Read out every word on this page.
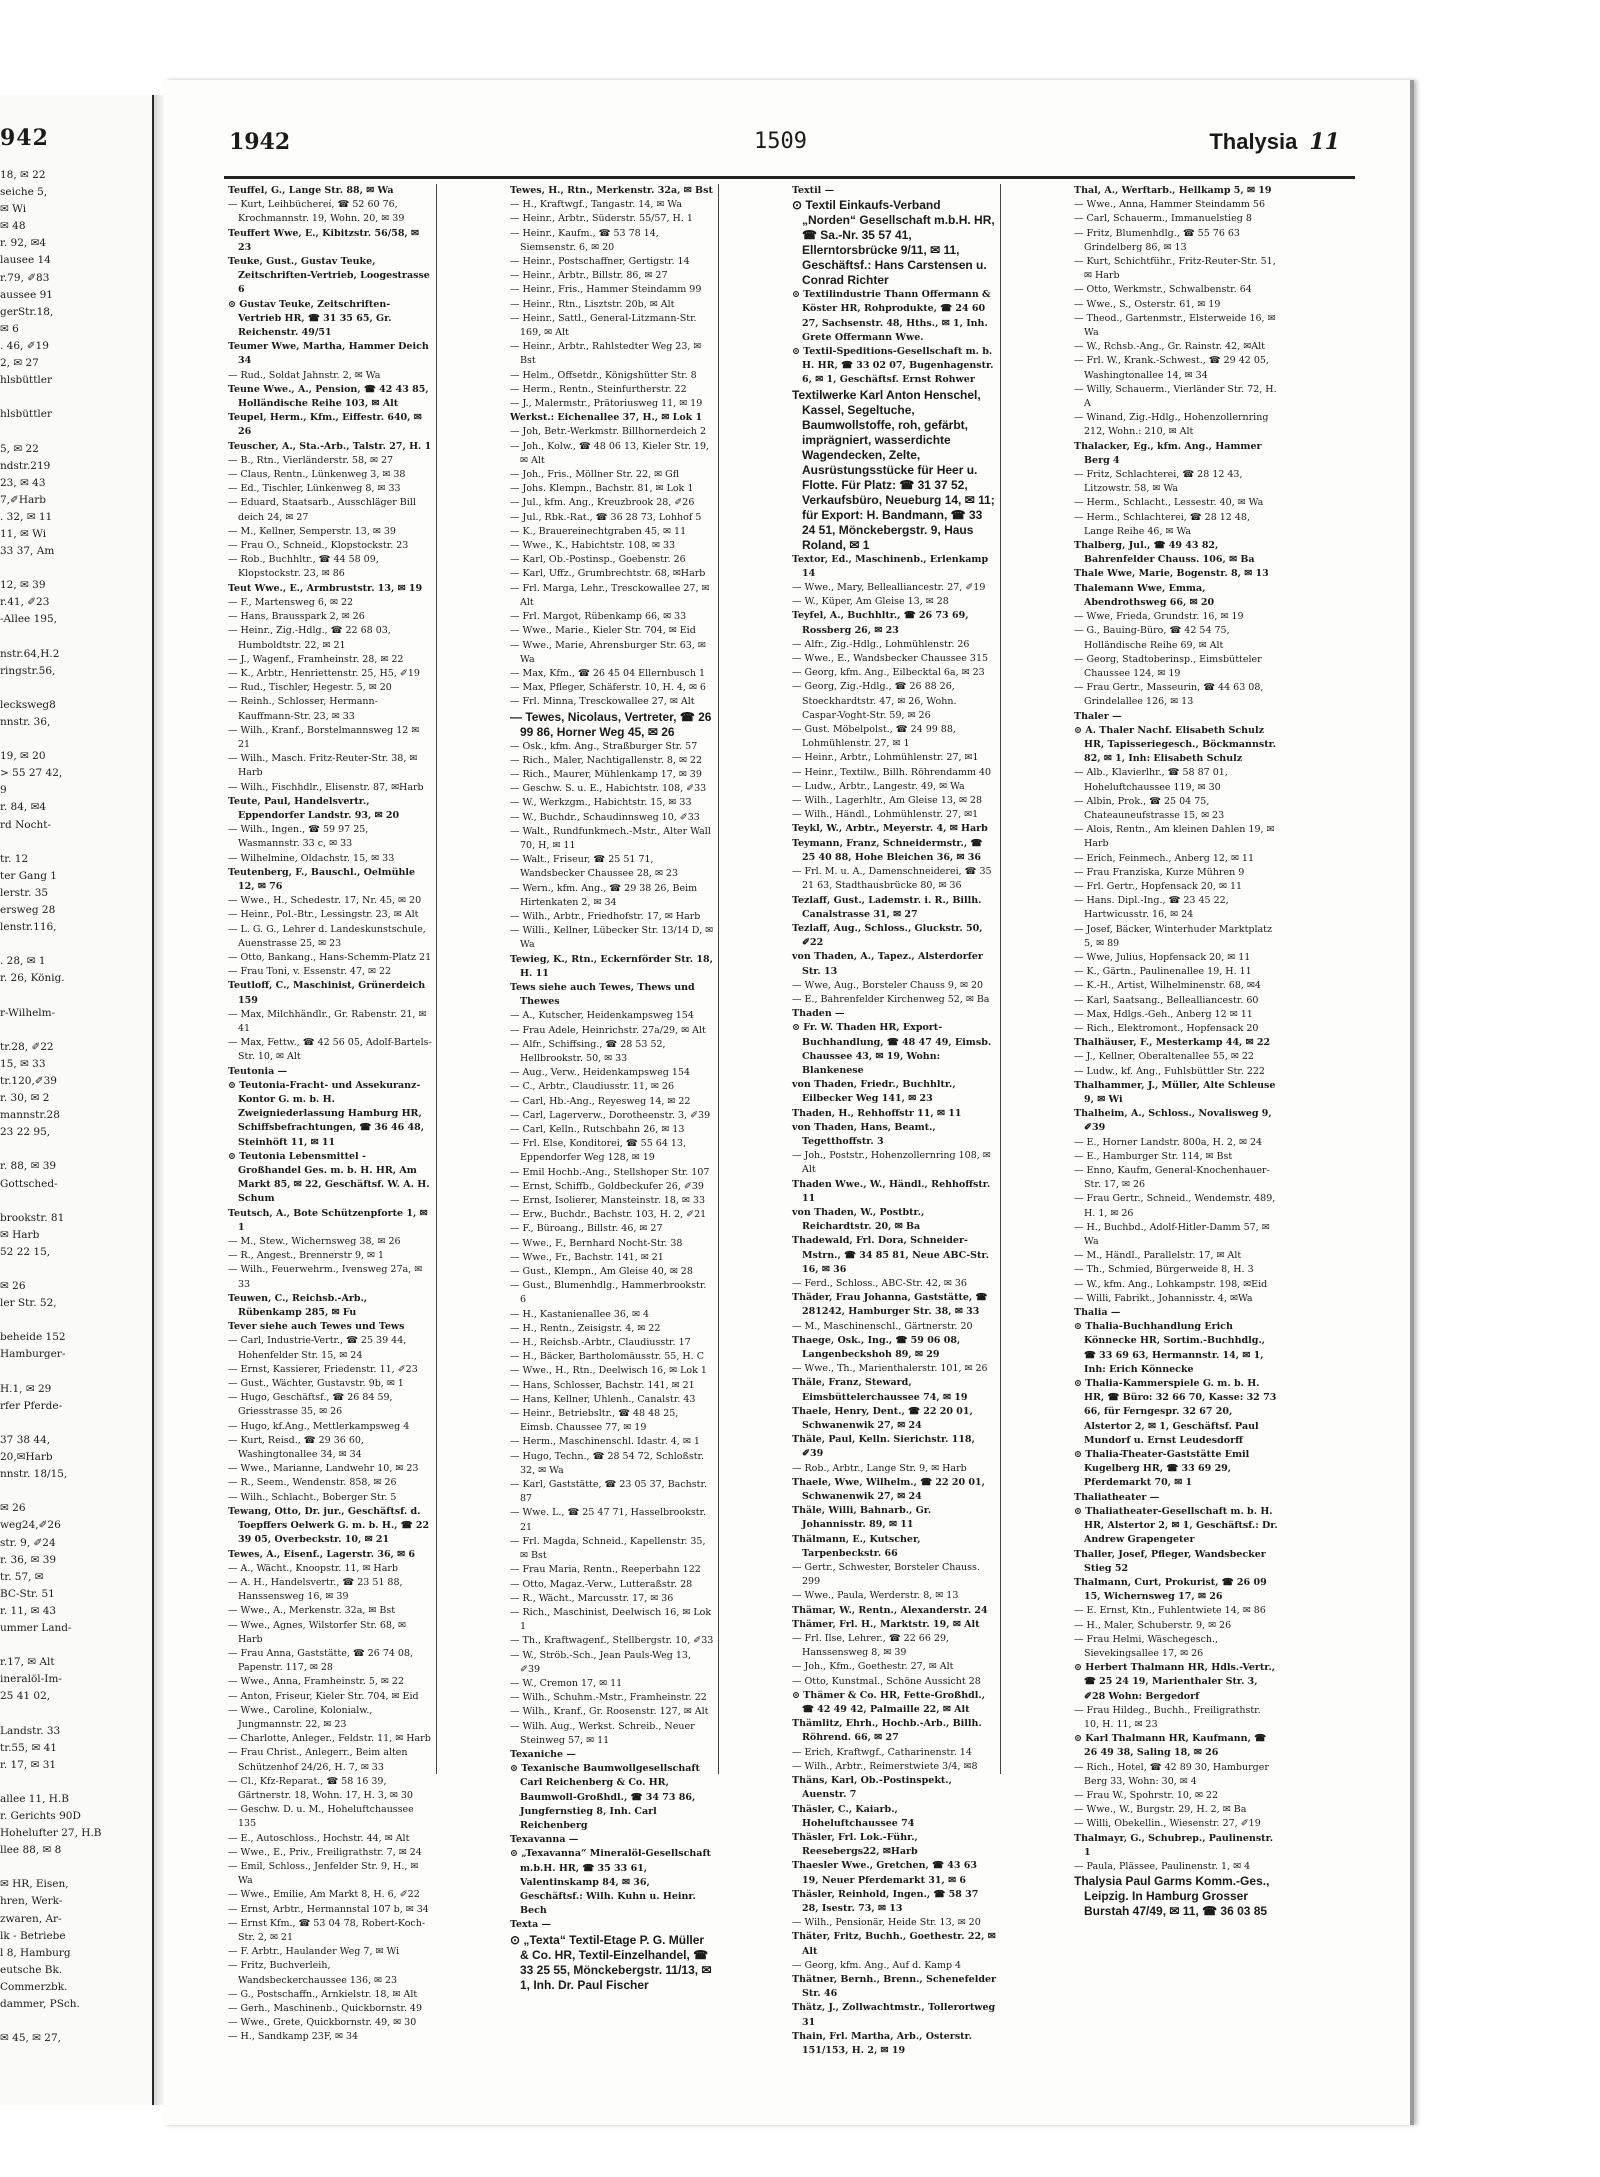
942
18, ✉ 22
seiche 5,
✉ Wi
✉ 48
r. 92, ✉4
lausee 14
r.79, ✐83
aussee 91
gerStr.18,
✉ 6
. 46, ✐19
2, ✉ 27
hlsbüttler

hlsbüttler

5, ✉ 22
ndstr.219
23, ✉ 43
7,✐Harb
. 32, ✉ 11
11, ✉ Wi
33 37, Am

12, ✉ 39
r.41, ✐23
-Allee 195,

nstr.64,H.2
ringstr.56,

lecksweg8
nnstr. 36,

19, ✉ 20
> 55 27 42,
9
r. 84, ✉4
rd Nocht-

tr. 12
ter Gang 1
lerstr. 35
ersweg 28
lenstr.116,

. 28, ✉ 1
r. 26, König.

r-Wilhelm-

tr.28, ✐22
15, ✉ 33
tr.120,✐39
r. 30, ✉ 2
mannstr.28
23 22 95,

r. 88, ✉ 39
Gottsched-

brookstr. 81
✉ Harb
52 22 15,

✉ 26
ler Str. 52,

beheide 152
Hamburger-

H.1, ✉ 29
rfer Pferde-

37 38 44,
20,✉Harb
nnstr. 18/15,

✉ 26
weg24,✐26
str. 9, ✐24
r. 36, ✉ 39
tr. 57, ✉
BC-Str. 51
r. 11, ✉ 43
ummer Land-

r.17, ✉ Alt
ineralöl-Im-
25 41 02,

Landstr. 33
tr.55, ✉ 41
r. 17, ✉ 31

allee 11, H.B
r. Gerichts 90D
Hohelufter 27, H.B
llee 88, ✉ 8

✉ HR, Eisen,
hren, Werk-
zwaren, Ar-
lk - Betriebe
l 8, Hamburg
eutsche Bk.
Commerzbk.
dammer, PSch.

✉ 45, ✉ 27,
1942	1509	Thalysia 11
Teuffel, G., Lange Str. 88, ✉ Wa
— Kurt, Leihbüchereí, ☎ 52 60 76, Krochmannstr. 19, Wohn. 20, ✉ 39
Teuffert Wwe, E., Kibitzstr. 56/58, ✉ 23
Teuke, Gust., Gustav Teuke, Zeitschriften-Vertrieb, Loogestrasse 6
⊙ Gustav Teuke, Zeitschriften-Vertrieb HR, ☎ 31 35 65, Gr. Reichenstr. 49/51
Teumer Wwe, Martha, Hammer Deich 34
— Rud., Soldat Jahnstr. 2, ✉ Wa
Teune Wwe., A., Pension, ☎ 42 43 85, Holländische Reihe 103, ✉ Alt
Teupel, Herm., Kfm., Eiffestr. 640, ✉ 26
Teuscher, A., Sta.-Arb., Talstr. 27, H. 1
— B., Rtn., Vierländerstr. 58, ✉ 27
— Claus, Rentn., Lünkenweg 3, ✉ 38
— Ed., Tischler, Lünkenweg 8, ✉ 33
— Eduard, Staatsarb., Ausschläger Bill deich 24, ✉ 27
— M., Kellner, Semperstr. 13, ✉ 39
— Frau O., Schneid., Klopstockstr. 23
— Rob., Buchhltr., ☎ 44 58 09, Klopstockstr. 23, ✉ 86
Teut Wwe., E., Armbruststr. 13, ✉ 19
— F., Martensweg 6, ✉ 22
— Hans, Brausspark 2, ✉ 26
— Heinr., Zig.-Hdlg., ☎ 22 68 03, Humboldtstr. 22, ✉ 21
— J., Wagenf., Framheinstr. 28, ✉ 22
— K., Arbtr., Henriettenstr. 25, H5, ✐19
— Rud., Tischler, Hegestr. 5, ✉ 20
— Reinh., Schlosser, Hermann-Kauffmann-Str. 23, ✉ 33
— Wilh., Kranf., Borstelmannsweg 12 ✉ 21
— Wilh., Masch. Fritz-Reuter-Str. 38, ✉ Harb
— Wilh., Fischhdlr., Elisenstr. 87, ✉Harb
Teute, Paul, Handelsvertr., Eppendorfer Landstr. 93, ✉ 20
— Wilh., Ingen., ☎ 59 97 25, Wasmannstr. 33 c, ✉ 33
— Wilhelmine, Oldachstr. 15, ✉ 33
Teutenberg, F., Bauschl., Oelmühle 12, ✉ 76
— Wwe., H., Schedestr. 17, Nr. 45, ✉ 20
— Heinr., Pol.-Btr., Lessingstr. 23, ✉ Alt
— L. G. G., Lehrer d. Landeskunstschule, Auenstrasse 25, ✉ 23
— Otto, Bankang., Hans-Schemm-Platz 21
— Frau Toni, v. Essenstr. 47, ✉ 22
Teutloff, C., Maschinist, Grünerdeich 159
— Max, Milchhändlr., Gr. Rabenstr. 21, ✉ 41
— Max, Fettw., ☎ 42 56 05, Adolf-Bartels-Str. 10, ✉ Alt
Teutonia —
⊙ Teutonia-Fracht- und Assekuranz-Kontor G. m. b. H. Zweigniederlassung Hamburg HR, Schiffsbefrachtungen, ☎ 36 46 48, Steinhöft 11, ✉ 11
⊙ Teutonia Lebensmittel - Großhandel Ges. m. b. H. HR, Am Markt 85, ✉ 22, Geschäftsf. W. A. H. Schum
Teutsch, A., Bote Schützenpforte 1, ✉ 1
— M., Stew., Wichernsweg 38, ✉ 26
— R., Angest., Brennerstr 9, ✉ 1
— Wilh., Feuerwehrm., Ivensweg 27a, ✉ 33
Teuwen, C., Reichsb.-Arb., Rübenkamp 285, ✉ Fu
Tever siehe auch Tewes und Tews
— Carl, Industrie-Vertr., ☎ 25 39 44, Hohenfelder Str. 15, ✉ 24
— Ernst, Kassierer, Friedenstr. 11, ✐23
— Gust., Wächter, Gustavstr. 9b, ✉ 1
— Hugo, Geschäftsf., ☎ 26 84 59, Griesstrasse 35, ✉ 26
— Hugo, kf.Ang., Mettlerkampsweg 4
— Kurt, Reisd., ☎ 29 36 60, Washingtonallee 34, ✉ 34
— Wwe., Marianne, Landwehr 10, ✉ 23
— R., Seem., Wendenstr. 858, ✉ 26
— Wilh., Schlacht., Boberger Str. 5
Tewang, Otto, Dr. jur., Geschäftsf. d. Toepffers Oelwerk G. m. b. H., ☎ 22 39 05, Overbeckstr. 10, ✉ 21
Tewes, A., Eisenf., Lagerstr. 36, ✉ 6
— A., Wächt., Knoopstr. 11, ✉ Harb
— A. H., Handelsvertr., ☎ 23 51 88, Hanssensweg 16, ✉ 39
— Wwe., A., Merkenstr. 32a, ✉ Bst
— Wwe., Agnes, Wilstorfer Str. 68, ✉ Harb
— Frau Anna, Gaststätte, ☎ 26 74 08, Papenstr. 117, ✉ 28
— Wwe., Anna, Framheinstr. 5, ✉ 22
— Anton, Friseur, Kieler Str. 704, ✉ Eid
— Wwe., Caroline, Kolonialw., Jungmannstr. 22, ✉ 23
— Charlotte, Anleger., Feldstr. 11, ✉ Harb
— Frau Christ., Anlegerr., Beim alten Schützenhof 24/26, H. 7, ✉ 33
— Cl., Kfz-Reparat., ☎ 58 16 39, Gärtnerstr. 18, Wohn. 17, H. 3, ✉ 30
— Geschw. D. u. M., Hoheluftchaussee 135
— E., Autoschloss., Hochstr. 44, ✉ Alt
— Wwe., E., Priv., Freiligrathstr. 7, ✉ 24
— Emil, Schloss., Jenfelder Str. 9, H., ✉ Wa
— Wwe., Emilie, Am Markt 8, H. 6, ✐22
— Ernst, Arbtr., Hermannstal 107 b, ✉ 34
— Ernst Kfm., ☎ 53 04 78, Robert-Koch-Str. 2, ✉ 21
— F. Arbtr., Haulander Weg 7, ✉ Wi
— Fritz, Buchverleih, Wandsbeckerchaussee 136, ✉ 23
— G., Postschaffn., Arnkielstr. 18, ✉ Alt
— Gerh., Maschinenb., Quickbornstr. 49
— Wwe., Grete, Quickbornstr. 49, ✉ 30
— H., Sandkamp 23F, ✉ 34
Tewes, H., Rtn., Merkenstr. 32a, ✉ Bst
— H., Kraftwgf., Tangastr. 14, ✉ Wa
— Heinr., Arbtr., Süderstr. 55/57, H. 1
— Heinr., Kaufm., ☎ 53 78 14, Siemsenstr. 6, ✉ 20
— Heinr., Postschaffner, Gertigstr. 14
— Heinr., Arbtr., Billstr. 86, ✉ 27
— Heinr., Fris., Hammer Steindamm 99
— Heinr., Rtn., Lisztstr. 20b, ✉ Alt
— Heinr., Sattl., General-Litzmann-Str. 169, ✉ Alt
— Heinr., Arbtr., Rahlstedter Weg 23, ✉ Bst
— Helm., Offsetdr., Königshütter Str. 8
— Herm., Rentn., Steinfurtherstr. 22
— J., Malermstr., Prätoriusweg 11, ✉ 19
Werkst.: Eichenallee 37, H., ✉ Lok 1
— Joh, Betr.-Werkmstr. Billhornerdeich 2
— Joh., Kolw., ☎ 48 06 13, Kieler Str. 19, ✉ Alt
— Joh., Fris., Möllner Str. 22, ✉ Gfl
— Johs. Klempn., Bachstr. 81, ✉ Lok 1
— Jul., kfm. Ang., Kreuzbrook 28, ✐26
— Jul., Rbk.-Rat., ☎ 36 28 73, Lohhof 5
— K., Brauereinechtgraben 45, ✉ 11
— Wwe., K., Habichtstr. 108, ✉ 33
— Karl, Ob.-Postinsp., Goebenstr. 26
— Karl, Uffz., Grumbrechtstr. 68, ✉Harb
— Frl. Marga, Lehr., Tresckowallee 27, ✉ Alt
— Frl. Margot, Rübenkamp 66, ✉ 33
— Wwe., Marie., Kieler Str. 704, ✉ Eid
— Wwe., Marie, Ahrensburger Str. 63, ✉ Wa
— Max, Kfm., ☎ 26 45 04 Ellernbusch 1
— Max, Pfleger, Schäferstr. 10, H. 4, ✉ 6
— Frl. Minna, Tresckowallee 27, ✉ Alt
— Tewes, Nicolaus, Vertreter, ☎ 26 99 86, Horner Weg 45, ✉ 26
— Osk., kfm. Ang., Straßburger Str. 57
— Rich., Maler, Nachtigallenstr. 8, ✉ 22
— Rich., Maurer, Mühlenkamp 17, ✉ 39
— Geschw. S. u. E., Habichtstr. 108, ✐33
— W., Werkzgm., Habichtstr. 15, ✉ 33
— W., Buchdr., Schaudinnsweg 10, ✐33
— Walt., Rundfunkmech.-Mstr., Alter Wall 70, H, ✉ 11
— Walt., Friseur, ☎ 25 51 71, Wandsbecker Chaussee 28, ✉ 23
— Wern., kfm. Ang., ☎ 29 38 26, Beim Hirtenkaten 2, ✉ 34
— Wilh., Arbtr., Friedhofstr. 17, ✉ Harb
— Willi., Kellner, Lübecker Str. 13/14 D, ✉ Wa
Tewieg, K., Rtn., Eckernförder Str. 18, H. 11
Tews siehe auch Tewes, Thews und Thewes
— A., Kutscher, Heidenkampsweg 154
— Frau Adele, Heinrichstr. 27a/29, ✉ Alt
— Alfr., Schiffsing., ☎ 28 53 52, Hellbrookstr. 50, ✉ 33
— Aug., Verw., Heidenkampsweg 154
— C., Arbtr., Claudiusstr. 11, ✉ 26
— Carl, Hb.-Ang., Reyesweg 14, ✉ 22
— Carl, Lagerverw., Dorotheenstr. 3, ✐39
— Carl, Kelln., Rutschbahn 26, ✉ 13
— Frl. Else, Konditorei, ☎ 55 64 13, Eppendorfer Weg 128, ✉ 19
— Emil Hochb.-Ang., Stellshoper Str. 107
— Ernst, Schiffb., Goldbeckufer 26, ✐39
— Ernst, Isolierer, Mansteinstr. 18, ✉ 33
— Erw., Buchdr., Bachstr. 103, H. 2, ✐21
— F., Büroang., Billstr. 46, ✉ 27
— Wwe., F., Bernhard Nocht-Str. 38
— Wwe., Fr., Bachstr. 141, ✉ 21
— Gust., Klempn., Am Gleise 40, ✉ 28
— Gust., Blumenhdlg., Hammerbrookstr. 6
— H., Kastanienallee 36, ✉ 4
— H., Rentn., Zeisigstr. 4, ✉ 22
— H., Reichsb.-Arbtr., Claudiusstr. 17
— H., Bäcker, Bartholomäusstr. 55, H. C
— Wwe., H., Rtn., Deelwisch 16, ✉ Lok 1
— Hans, Schlosser, Bachstr. 141, ✉ 21
— Hans, Kellner, Uhlenh., Canalstr. 43
— Heinr., Betriebsltr., ☎ 48 48 25, Eimsb. Chaussee 77, ✉ 19
— Herm., Maschinenschl. Idastr. 4, ✉ 1
— Hugo, Techn., ☎ 28 54 72, Schloßstr. 32, ✉ Wa
— Karl, Gaststätte, ☎ 23 05 37, Bachstr. 87
— Wwe. L., ☎ 25 47 71, Hasselbrookstr. 21
— Frl. Magda, Schneid., Kapellenstr. 35, ✉ Bst
— Frau Maria, Rentn., Reeperbahn 122
— Otto, Magaz.-Verw., Lutteraßstr. 28
— R., Wächt., Marcusstr. 17, ✉ 36
— Rich., Maschinist, Deelwisch 16, ✉ Lok 1
— Th., Kraftwagenf., Stellbergstr. 10, ✐33
— W., Ströb.-Sch., Jean Pauls-Weg 13, ✐39
— W., Cremon 17, ✉ 11
— Wilh., Schuhm.-Mstr., Framheinstr. 22
— Wilh., Kranf., Gr. Roosenstr. 127, ✉ Alt
— Wilh. Aug., Werkst. Schreib., Neuer Steinweg 57, ✉ 11
Texaniche —
⊙ Texanische Baumwollgesellschaft Carl Reichenberg & Co. HR, Baumwoll-Großhdl., ☎ 34 73 86, Jungfernstieg 8, Inh. Carl Reichenberg
Texavanna —
⊙ „Texavanna“ Mineralöl-Gesellschaft m.b.H. HR, ☎ 35 33 61, Valentinskamp 84, ✉ 36, Geschäftsf.: Wilh. Kuhn u. Heinr. Bech
Texta —
⊙ „Texta“ Textil-Etage P. G. Müller & Co. HR, Textil-Einzelhandel, ☎ 33 25 55, Mönckebergstr. 11/13, ✉ 1, Inh. Dr. Paul Fischer
Textil —
⊙ Textil Einkaufs-Verband „Norden“ Gesellschaft m.b.H. HR, ☎ Sa.-Nr. 35 57 41, Ellerntorsbrücke 9/11, ✉ 11, Geschäftsf.: Hans Carstensen u. Conrad Richter
⊙ Textilindustrie Thann Offermann & Köster HR, Rohprodukte, ☎ 24 60 27, Sachsenstr. 48, Hths., ✉ 1, Inh. Grete Offermann Wwe.
⊙ Textil-Speditions-Gesellschaft m. b. H. HR, ☎ 33 02 07, Bugenhagenstr. 6, ✉ 1, Geschäftsf. Ernst Rohwer
Textilwerke Karl Anton Henschel, Kassel, Segeltuche, Baumwollstoffe, roh, gefärbt, imprägniert, wasserdichte Wagendecken, Zelte, Ausrüstungsstücke für Heer u. Flotte. Für Platz: ☎ 31 37 52, Verkaufsbüro, Neueburg 14, ✉ 11; für Export: H. Bandmann, ☎ 33 24 51, Mönckebergstr. 9, Haus Roland, ✉ 1
Textor, Ed., Maschinenb., Erlenkamp 14
— Wwe., Mary, Bellealliancestr. 27, ✐19
— W., Küper, Am Gleise 13, ✉ 28
Teyfel, A., Buchhltr., ☎ 26 73 69, Rossberg 26, ✉ 23
— Alfr., Zig.-Hdlg., Lohmühlenstr. 26
— Wwe., E., Wandsbecker Chaussee 315
— Georg, kfm. Ang., Eilbecktal 6a, ✉ 23
— Georg, Zig.-Hdlg., ☎ 26 88 26, Stoeckhardtstr. 47, ✉ 26, Wohn. Caspar-Voght-Str. 59, ✉ 26
— Gust. Möbelpolst., ☎ 24 99 88, Lohmühlenstr. 27, ✉ 1
— Heinr., Arbtr., Lohmühlenstr. 27, ✉1
— Heinr., Textilw., Billh. Röhrendamm 40
— Ludw., Arbtr., Langestr. 49, ✉ Wa
— Wilh., Lagerhltr., Am Gleise 13, ✉ 28
— Wilh., Händl., Lohmühlenstr. 27, ✉1
Teykl, W., Arbtr., Meyerstr. 4, ✉ Harb
Teymann, Franz, Schneidermstr., ☎ 25 40 88, Hohe Bleichen 36, ✉ 36
— Frl. M. u. A., Damenschneiderei, ☎ 35 21 63, Stadthausbrücke 80, ✉ 36
Tezlaff, Gust., Lademstr. i. R., Billh. Canalstrasse 31, ✉ 27
Tezlaff, Aug., Schloss., Gluckstr. 50, ✐22
von Thaden, A., Tapez., Alsterdorfer Str. 13
— Wwe, Aug., Borsteler Chauss 9, ✉ 20
— E., Bahrenfelder Kirchenweg 52, ✉ Ba
Thaden —
⊙ Fr. W. Thaden HR, Export-Buchhandlung, ☎ 48 47 49, Eimsb. Chaussee 43, ✉ 19, Wohn: Blankenese
von Thaden, Friedr., Buchhltr., Eilbecker Weg 141, ✉ 23
Thaden, H., Rehhoffstr 11, ✉ 11
von Thaden, Hans, Beamt., Tegetthoffstr. 3
— Joh., Poststr., Hohenzollernring 108, ✉ Alt
Thaden Wwe., W., Händl., Rehhoffstr. 11
von Thaden, W., Postbtr., Reichardtstr. 20, ✉ Ba
Thadewald, Frl. Dora, Schneider-Mstrn., ☎ 34 85 81, Neue ABC-Str. 16, ✉ 36
— Ferd., Schloss., ABC-Str. 42, ✉ 36
Thäder, Frau Johanna, Gaststätte, ☎ 281242, Hamburger Str. 38, ✉ 33
— M., Maschinenschl., Gärtnerstr. 20
Thaege, Osk., Ing., ☎ 59 06 08, Langenbeckshoh 89, ✉ 29
— Wwe., Th., Marienthalerstr. 101, ✉ 26
Thäle, Franz, Steward, Eimsbüttelerchaussee 74, ✉ 19
Thaele, Henry, Dent., ☎ 22 20 01, Schwanenwik 27, ✉ 24
Thäle, Paul, Kelln. Sierichstr. 118, ✐39
— Rob., Arbtr., Lange Str. 9, ✉ Harb
Thaele, Wwe, Wilhelm., ☎ 22 20 01, Schwanenwik 27, ✉ 24
Thäle, Willi, Bahnarb., Gr. Johannisstr. 89, ✉ 11
Thälmann, E., Kutscher, Tarpenbeckstr. 66
— Gertr., Schwester, Borsteler Chauss. 299
— Wwe., Paula, Werderstr. 8, ✉ 13
Thämar, W., Rentn., Alexanderstr. 24
Thämer, Frl. H., Marktstr. 19, ✉ Alt
— Frl. Ilse, Lehrer., ☎ 22 66 29, Hanssensweg 8, ✉ 39
— Joh., Kfm., Goethestr. 27, ✉ Alt
— Otto, Kunstmal., Schöne Aussicht 28
⊙ Thämer & Co. HR, Fette-Großhdl., ☎ 42 49 42, Palmaille 22, ✉ Alt
Thämlitz, Ehrh., Hochb.-Arb., Billh. Röhrend. 66, ✉ 27
— Erich, Kraftwgf., Catharinenstr. 14
— Wilh., Arbtr., Reimerstwiete 3/4, ✉8
Thäns, Karl, Ob.-Postinspekt., Auenstr. 7
Thäsler, C., Kaiarb., Hoheluftchaussee 74
Thäsler, Frl. Lok.-Führ., Reesebergs22, ✉Harb
Thaesler Wwe., Gretchen, ☎ 43 63 19, Neuer Pferdemarkt 31, ✉ 6
Thäsler, Reinhold, Ingen., ☎ 58 37 28, Isestr. 73, ✉ 13
— Wilh., Pensionär, Heide Str. 13, ✉ 20
Thäter, Fritz, Buchh., Goethestr. 22, ✉ Alt
— Georg, kfm. Ang., Auf d. Kamp 4
Thätner, Bernh., Brenn., Schenefelder Str. 46
Thätz, J., Zollwachtmstr., Tollerortweg 31
Thain, Frl. Martha, Arb., Osterstr. 151/153, H. 2, ✉ 19
Thal, A., Werftarb., Hellkamp 5, ✉ 19
— Wwe., Anna, Hammer Steindamm 56
— Carl, Schauerm., Immanuelstieg 8
— Fritz, Blumenhdlg., ☎ 55 76 63 Grindelberg 86, ✉ 13
— Kurt, Schichtführ., Fritz-Reuter-Str. 51, ✉ Harb
— Otto, Werkmstr., Schwalbenstr. 64
— Wwe., S., Osterstr. 61, ✉ 19
— Theod., Gartenmstr., Elsterweide 16, ✉ Wa
— W., Rchsb.-Ang., Gr. Rainstr. 42, ✉Alt
— Frl. W., Krank.-Schwest., ☎ 29 42 05, Washingtonallee 14, ✉ 34
— Willy, Schauerm., Vierländer Str. 72, H. A
— Winand, Zig.-Hdlg., Hohenzollernring 212, Wohn.: 210, ✉ Alt
Thalacker, Eg., kfm. Ang., Hammer Berg 4
— Fritz, Schlachterei, ☎ 28 12 43, Litzowstr. 58, ✉ Wa
— Herm., Schlacht., Lessestr. 40, ✉ Wa
— Herm., Schlachterei, ☎ 28 12 48, Lange Reihe 46, ✉ Wa
Thalberg, Jul., ☎ 49 43 82, Bahrenfelder Chauss. 106, ✉ Ba
Thale Wwe, Marie, Bogenstr. 8, ✉ 13
Thalemann Wwe, Emma, Abendrothsweg 66, ✉ 20
— Wwe, Frieda, Grundstr. 16, ✉ 19
— G., Bauing-Büro, ☎ 42 54 75, Holländische Reihe 69, ✉ Alt
— Georg, Stadtoberinsp., Eimsbütteler Chaussee 124, ✉ 19
— Frau Gertr., Masseurin, ☎ 44 63 08, Grindelallee 126, ✉ 13
Thaler —
⊙ A. Thaler Nachf. Elisabeth Schulz HR, Tapisseriegesch., Böckmannstr. 82, ✉ 1, Inh: Elisabeth Schulz
— Alb., Klavierlhr., ☎ 58 87 01, Hoheluftchaussee 119, ✉ 30
— Albin, Prok., ☎ 25 04 75, Chateauneufstrasse 15, ✉ 23
— Alois, Rentn., Am kleinen Dahlen 19, ✉ Harb
— Erich, Feinmech., Anberg 12, ✉ 11
— Frau Franziska, Kurze Mühren 9
— Frl. Gertr., Hopfensack 20, ✉ 11
— Hans. Dipl.-Ing., ☎ 23 45 22, Hartwicusstr. 16, ✉ 24
— Josef, Bäcker, Winterhuder Marktplatz 5, ✉ 89
— Wwe, Julius, Hopfensack 20, ✉ 11
— K., Gärtn., Paulinenallee 19, H. 11
— K.-H., Artist, Wilhelminenstr. 68, ✉4
— Karl, Saatsang., Bellealliancestr. 60
— Max, Hdlgs.-Geh., Anberg 12 ✉ 11
— Rich., Elektromont., Hopfensack 20
Thalhäuser, F., Mesterkamp 44, ✉ 22
— J., Kellner, Oberaltenallee 55, ✉ 22
— Ludw., kf. Ang., Fuhlsbüttler Str. 222
Thalhammer, J., Müller, Alte Schleuse 9, ✉ Wi
Thalheim, A., Schloss., Novalisweg 9, ✐39
— E., Horner Landstr. 800a, H. 2, ✉ 24
— E., Hamburger Str. 114, ✉ Bst
— Enno, Kaufm, General-Knochenhauer-Str. 17, ✉ 26
— Frau Gertr., Schneid., Wendemstr. 489, H. 1, ✉ 26
— H., Buchbd., Adolf-Hitler-Damm 57, ✉ Wa
— M., Händl., Parallelstr. 17, ✉ Alt
— Th., Schmied, Bürgerweide 8, H. 3
— W., kfm. Ang., Lohkampstr. 198, ✉Eid
— Willi, Fabrikt., Johannisstr. 4, ✉Wa
Thalia —
⊙ Thalia-Buchhandlung Erich Könnecke HR, Sortim.-Buchhdlg., ☎ 33 69 63, Hermannstr. 14, ✉ 1, Inh: Erich Könnecke
⊙ Thalia-Kammerspiele G. m. b. H. HR, ☎ Büro: 32 66 70, Kasse: 32 73 66, für Ferngespr. 32 67 20, Alstertor 2, ✉ 1, Geschäftsf. Paul Mundorf u. Ernst Leudesdorff
⊙ Thalia-Theater-Gaststätte Emil Kugelberg HR, ☎ 33 69 29, Pferdemarkt 70, ✉ 1
Thaliatheater —
⊙ Thaliatheater-Gesellschaft m. b. H. HR, Alstertor 2, ✉ 1, Geschäftsf.: Dr. Andrew Grapengeter
Thaller, Josef, Pfleger, Wandsbecker Stieg 52
Thalmann, Curt, Prokurist, ☎ 26 09 15, Wichernsweg 17, ✉ 26
— E. Ernst, Ktn., Fuhlentwiete 14, ✉ 86
— H., Maler, Schuberstr. 9, ✉ 26
— Frau Helmi, Wäschegesch., Sievekingsallee 17, ✉ 26
⊙ Herbert Thalmann HR, Hdls.-Vertr., ☎ 25 24 19, Marienthaler Str. 3, ✐28 Wohn: Bergedorf
— Frau Hildeg., Buchh., Freiligrathstr. 10, H. 11, ✉ 23
⊙ Karl Thalmann HR, Kaufmann, ☎ 26 49 38, Saling 18, ✉ 26
— Rich., Hotel, ☎ 42 89 30, Hamburger Berg 33, Wohn: 30, ✉ 4
— Frau W., Spohrstr. 10, ✉ 22
— Wwe., W., Burgstr. 29, H. 2, ✉ Ba
— Willi, Obekellin., Wiesenstr. 27, ✐19
Thalmayr, G., Schubrep., Paulinenstr. 1
— Paula, Plässee, Paulinenstr. 1, ✉ 4
Thalysia Paul Garms Komm.-Ges., Leipzig. In Hamburg Grosser Burstah 47/49, ✉ 11, ☎ 36 03 85
